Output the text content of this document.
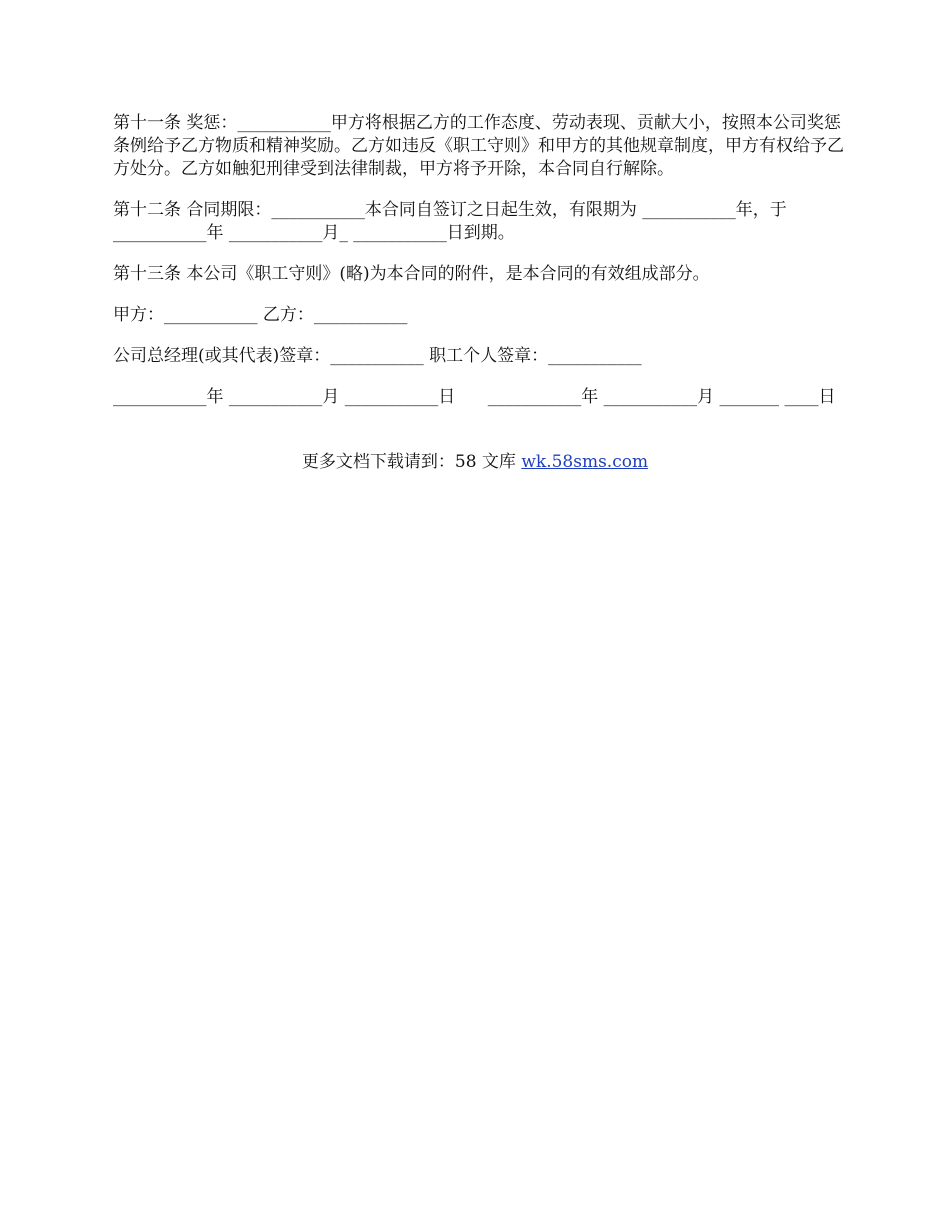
第十一条 奖惩：___________甲方将根据乙方的工作态度、劳动表现、贡献大小，按照本公司奖惩条例给予乙方物质和精神奖励。乙方如违反《职工守则》和甲方的其他规章制度，甲方有权给予乙方处分。乙方如触犯刑律受到法律制裁，甲方将予开除，本合同自行解除。

第十二条 合同期限：___________本合同自签订之日起生效，有限期为 ___________年，于 ___________年 ___________月_ ___________日到期。

第十三条 本公司《职工守则》(略)为本合同的附件，是本合同的有效组成部分。

甲方：___________ 乙方：___________

公司总经理(或其代表)签章：___________ 职工个人签章：___________

___________年 ___________月 ___________日      ___________年 ___________月 _______ ____日

更多文档下载请到：58 文库 wk.58sms.com
